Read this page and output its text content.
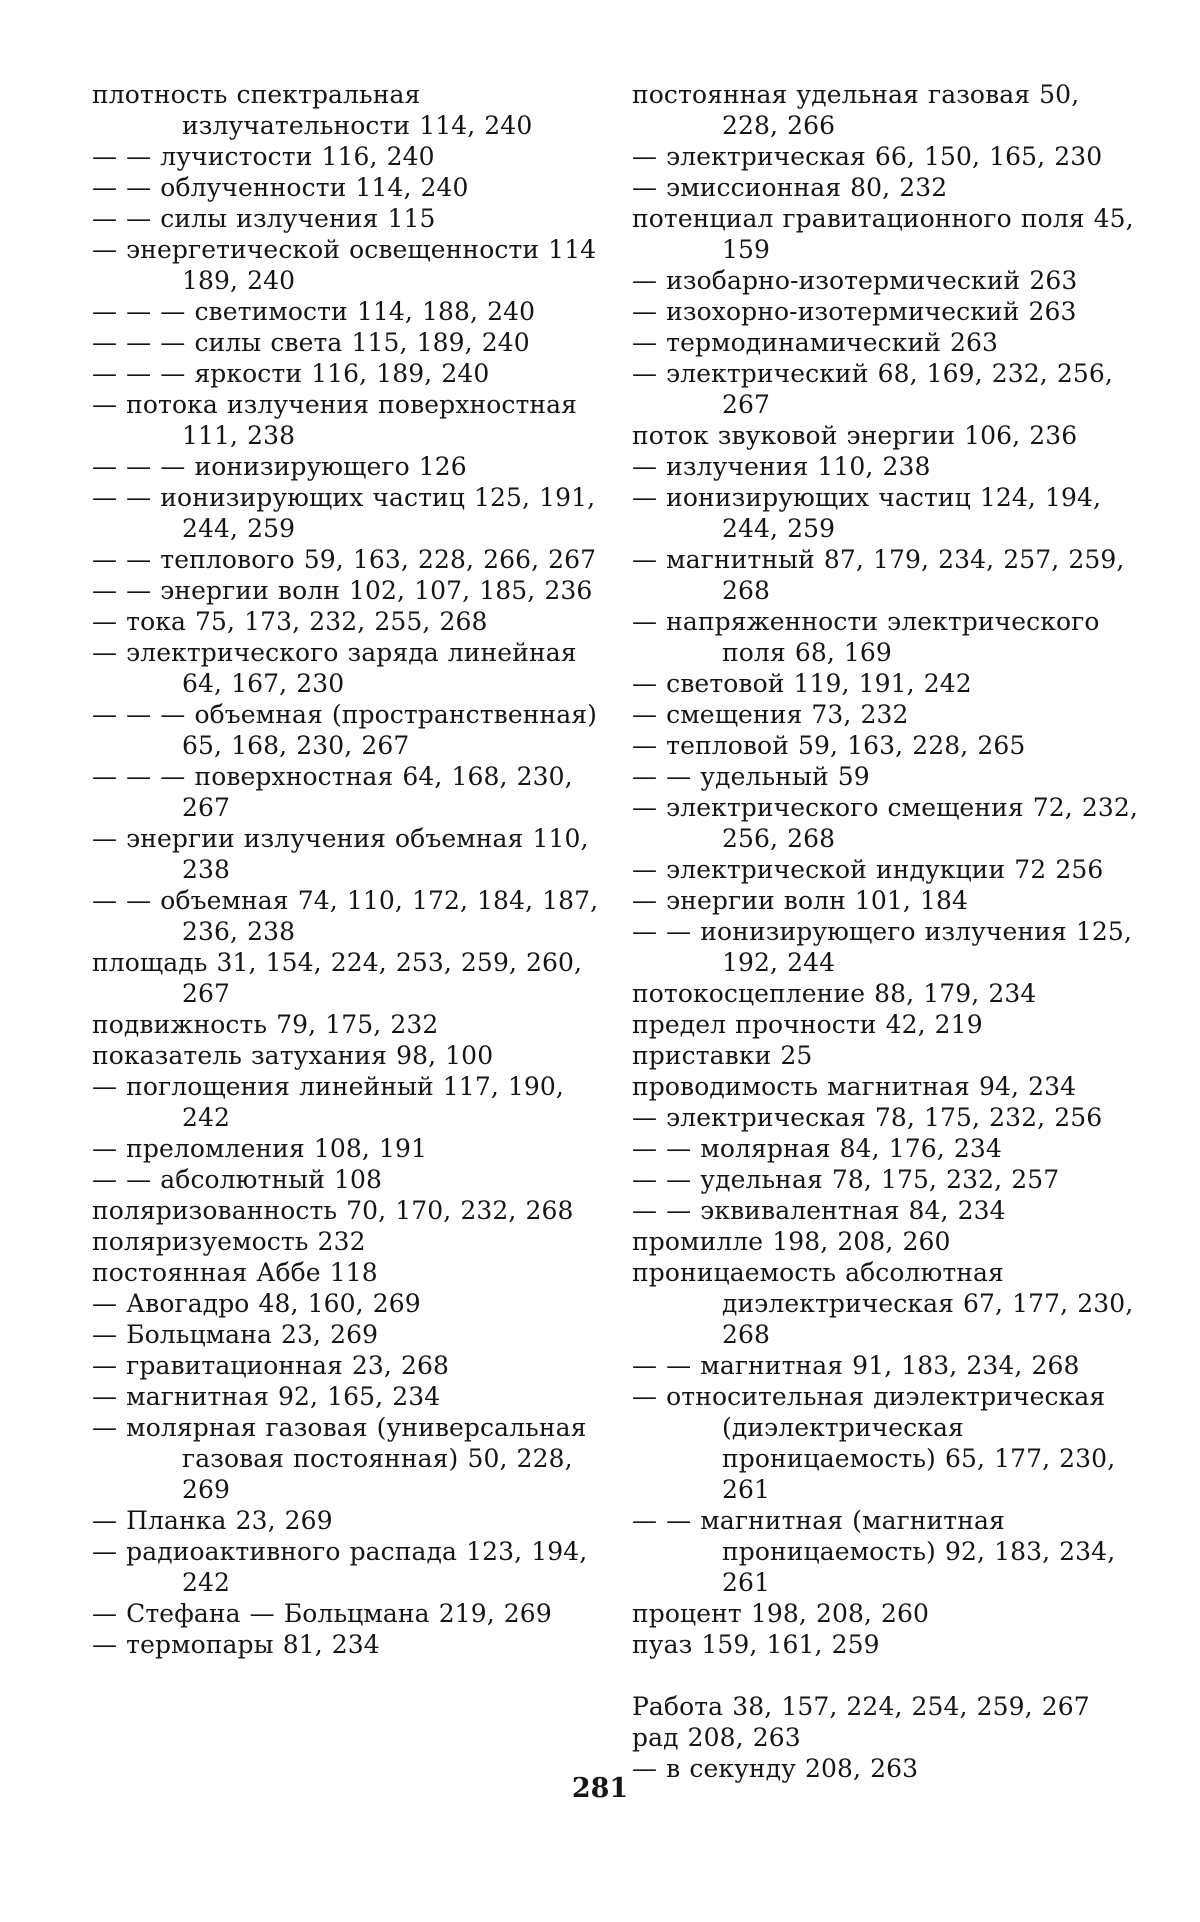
плотность спектральная излучательности 114, 240

— — лучистости 116, 240

— — облученности 114, 240

— — силы излучения 115

— энергетической освещенности 114 189, 240

— — — светимости 114, 188, 240

— — — силы света 115, 189, 240

— — — яркости 116, 189, 240

— потока излучения поверхностная 111, 238

— — — ионизирующего 126

— — ионизирующих частиц 125, 191, 244, 259

— — теплового 59, 163, 228, 266, 267

— — энергии волн 102, 107, 185, 236

— тока 75, 173, 232, 255, 268

— электрического заряда линейная 64, 167, 230

— — — объемная (пространственная) 65, 168, 230, 267

— — — поверхностная 64, 168, 230, 267

— энергии излучения объемная 110, 238

— — объемная 74, 110, 172, 184, 187, 236, 238

площадь 31, 154, 224, 253, 259, 260, 267

подвижность 79, 175, 232

показатель затухания 98, 100

— поглощения линейный 117, 190, 242

— преломления 108, 191

— — абсолютный 108

поляризованность 70, 170, 232, 268

поляризуемость 232

постоянная Аббе 118

— Авогадро 48, 160, 269

— Больцмана 23, 269

— гравитационная 23, 268

— магнитная 92, 165, 234

— молярная газовая (универсальная газовая постоянная) 50, 228, 269

— Планка 23, 269

— радиоактивного распада 123, 194, 242

— Стефана — Больцмана 219, 269

— термопары 81, 234

постоянная удельная газовая 50, 228, 266

— электрическая 66, 150, 165, 230

— эмиссионная 80, 232

потенциал гравитационного поля 45, 159

— изобарно-изотермический 263

— изохорно-изотермический 263

— термодинамический 263

— электрический 68, 169, 232, 256, 267

поток звуковой энергии 106, 236

— излучения 110, 238

— ионизирующих частиц 124, 194, 244, 259

— магнитный 87, 179, 234, 257, 259, 268

— напряженности электрического поля 68, 169

— световой 119, 191, 242

— смещения 73, 232

— тепловой 59, 163, 228, 265

— — удельный 59

— электрического смещения 72, 232, 256, 268

— электрической индукции 72 256

— энергии волн 101, 184

— — ионизирующего излучения 125, 192, 244

потокосцепление 88, 179, 234

предел прочности 42, 219

приставки 25

проводимость магнитная 94, 234

— электрическая 78, 175, 232, 256

— — молярная 84, 176, 234

— — удельная 78, 175, 232, 257

— — эквивалентная 84, 234

промилле 198, 208, 260

проницаемость абсолютная диэлектрическая 67, 177, 230, 268

— — магнитная 91, 183, 234, 268

— относительная диэлектрическая (диэлектрическая проницаемость) 65, 177, 230, 261

— — магнитная (магнитная проницаемость) 92, 183, 234, 261

процент 198, 208, 260

пуаз 159, 161, 259

Работа 38, 157, 224, 254, 259, 267

рад 208, 263

— в секунду 208, 263

281
